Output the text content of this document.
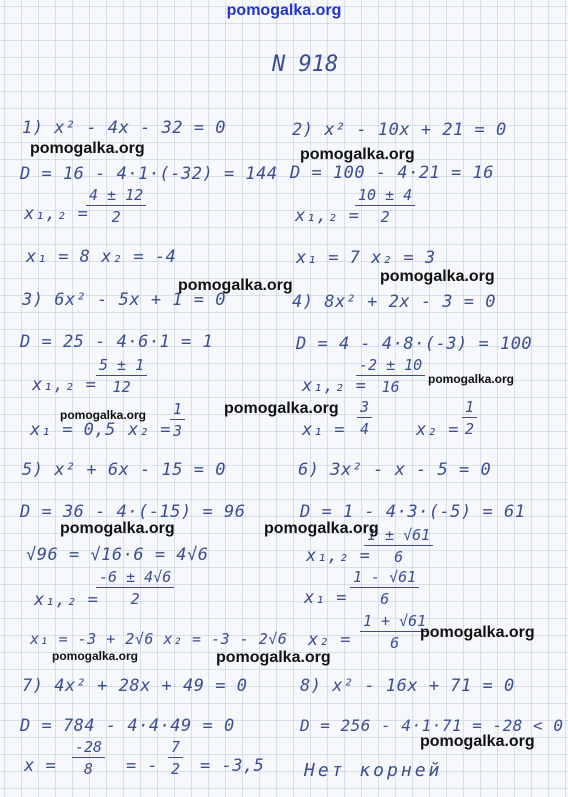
pomogalka.org
N 918
1) x² - 4x - 32 = 0
D = 16 - 4·1·(-32) = 144
x₁,₂ =
$\frac{4 \pm 12}{2}$
x₁ = 8 x₂ = -4
2) x² - 10x + 21 = 0
D = 100 - 4·21 = 16
x₁,₂ =
$\frac{10 \pm 4}{2}$
x₁ = 7 x₂ = 3
3) 6x² - 5x + 1 = 0
D = 25 - 4·6·1 = 1
$x_1,_2 = \frac{5 \pm 1}{12}$
x₁ = 0,5 $x_2 = \frac{1}{3}$
4) 8x² + 2x - 3 = 0
D = 4 - 4·8·(-3) = 100
x₁,₂ =
$\frac{-2 \pm 10}{16}$
$x_1 = \frac{3}{4}$	$x_2 = \frac{1}{2}$
5) x² + 6x - 15 = 0
D = 36 - 4·(-15) = 96
√96 = √16·6 = 4√6
x₁,₂ =
$\frac{-6 \pm 4√6}{2}$
x₁ = -3 + 2√6 x₂ = -3 - 2√6
6) 3x² - x - 5 = 0
D = 1 - 4·3·(-5) = 61
x₁,₂ =
$\frac{1 \pm √61}{6}$
$x_1 = \frac{1 - √61}{6}$
$x_2 = \frac{1 + √61}{6}$
7) 4x² + 28x + 49 = 0
D = 784 - 4·4·49 = 0
$x = \frac{-28}{8}$ = - $\frac{7}{2} = -3,5$
8) x² - 16x + 71 = 0
D = 256 - 4·1·71 = -28 < 0
Нет корней
pomogalka.org	pomogalka.org
pomogalka.org
pomogalka.org
pomogalka.org
pomogalka.org	pomogalka.org
pomogalka.org	pomogalka.org
pomogalka.org
pomogalka.org	pomogalka.org
pomogalka.org
